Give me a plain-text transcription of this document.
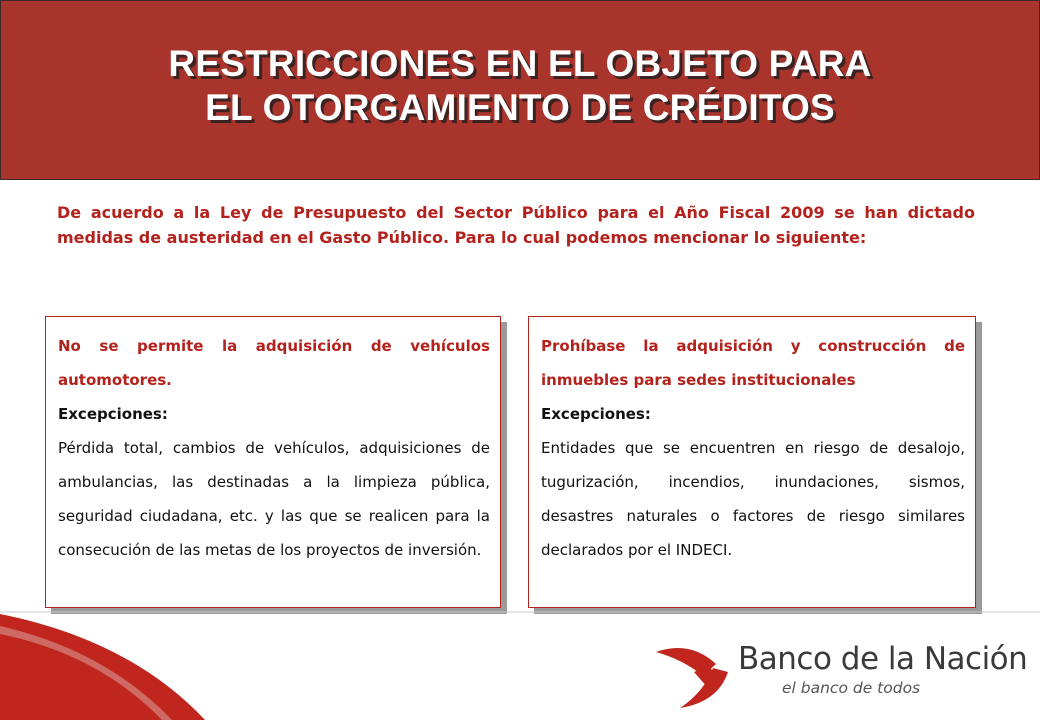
RESTRICCIONES EN EL OBJETO PARA
EL OTORGAMIENTO DE CRÉDITOS
De acuerdo a la Ley de Presupuesto del Sector Público para el Año Fiscal 2009 se han dictado medidas de austeridad en el Gasto Público. Para lo cual podemos mencionar lo siguiente:

No se permite la adquisición de vehículos automotores.

Excepciones:

Pérdida total, cambios de vehículos, adquisiciones de ambulancias, las destinadas a la limpieza pública, seguridad ciudadana, etc. y las que se realicen para la consecución de las metas de los proyectos de inversión.

Prohíbase la adquisición y construcción de inmuebles para sedes institucionales

Excepciones:

Entidades que se encuentren en riesgo de desalojo, tugurización, incendios, inundaciones, sismos, desastres naturales o factores de riesgo similares declarados por el INDECI.

Banco de la Nación
el banco de todos
